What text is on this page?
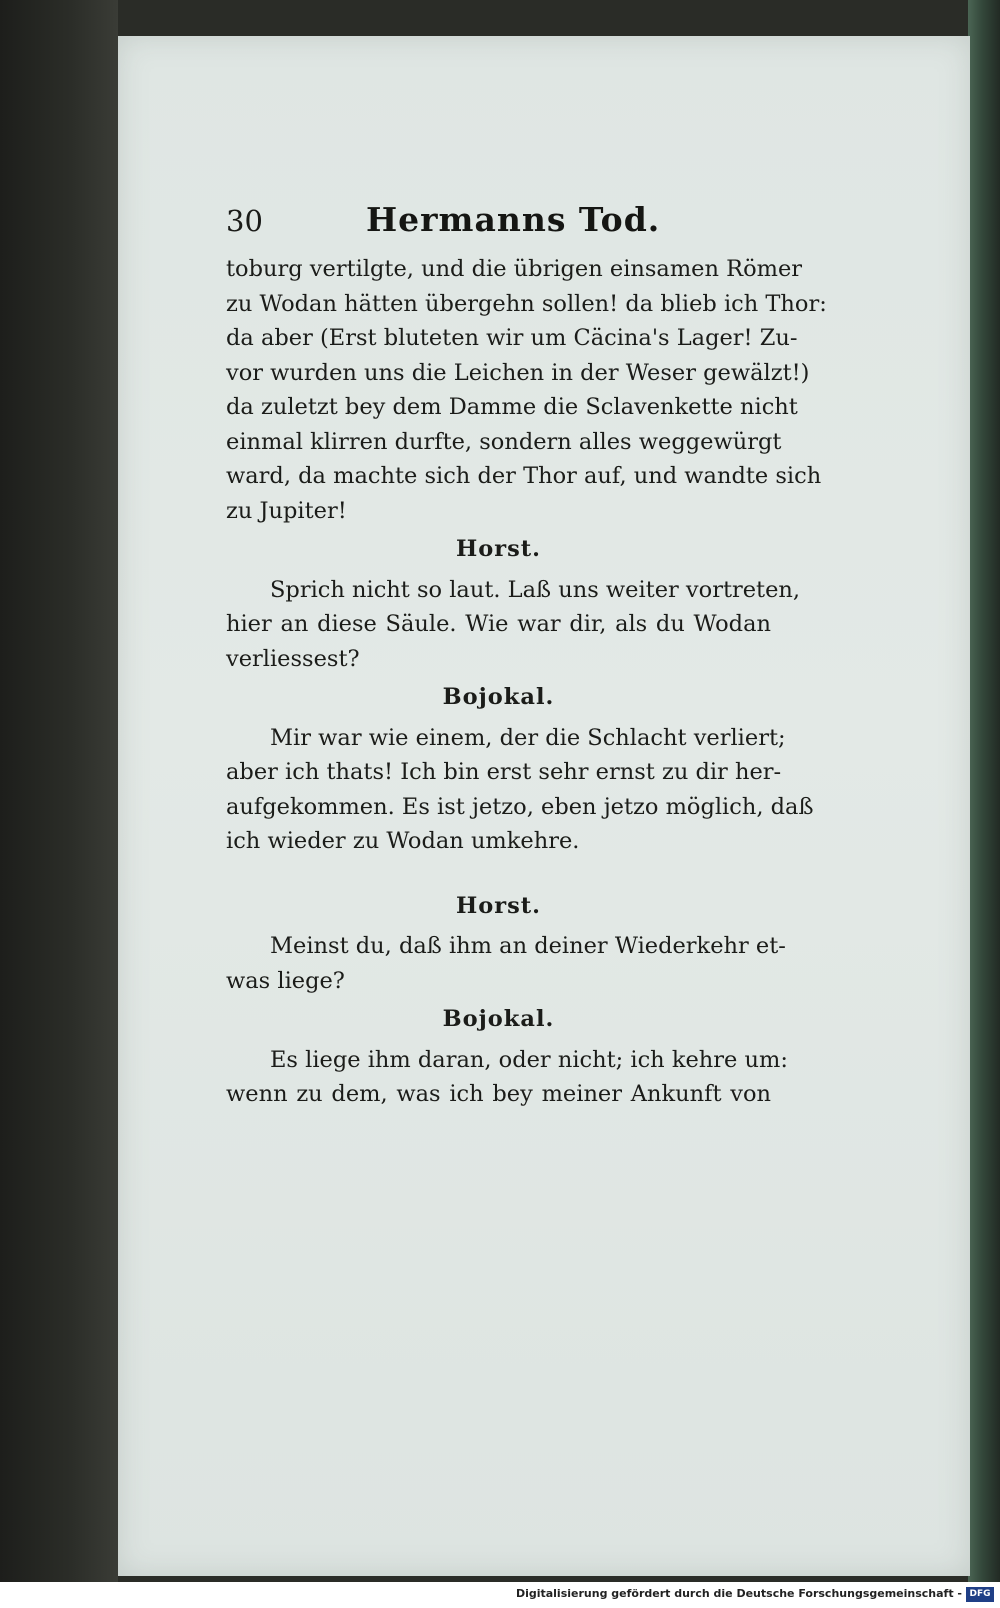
30	Hermanns Tod.
toburg vertilgte, und die übrigen einsamen Römer
zu Wodan hätten übergehn sollen! da blieb ich Thor:
da aber (Erst bluteten wir um Cäcina's Lager! Zu-
vor wurden uns die Leichen in der Weser gewälzt!)
da zuletzt bey dem Damme die Sclavenkette nicht
einmal klirren durfte, sondern alles weggewürgt
ward, da machte sich der Thor auf, und wandte sich
zu Jupiter!
Horst.
Sprich nicht so laut. Laß uns weiter vortreten,
hier an diese Säule. Wie war dir, als du Wodan
verliessest?
Bojokal.
Mir war wie einem, der die Schlacht verliert;
aber ich thats! Ich bin erst sehr ernst zu dir her-
aufgekommen. Es ist jetzo, eben jetzo möglich, daß
ich wieder zu Wodan umkehre.
Horst.
Meinst du, daß ihm an deiner Wiederkehr et-
was liege?
Bojokal.
Es liege ihm daran, oder nicht; ich kehre um:
wenn zu dem, was ich bey meiner Ankunft von
Digitalisierung gefördert durch die Deutsche Forschungsgemeinschaft - DFG
